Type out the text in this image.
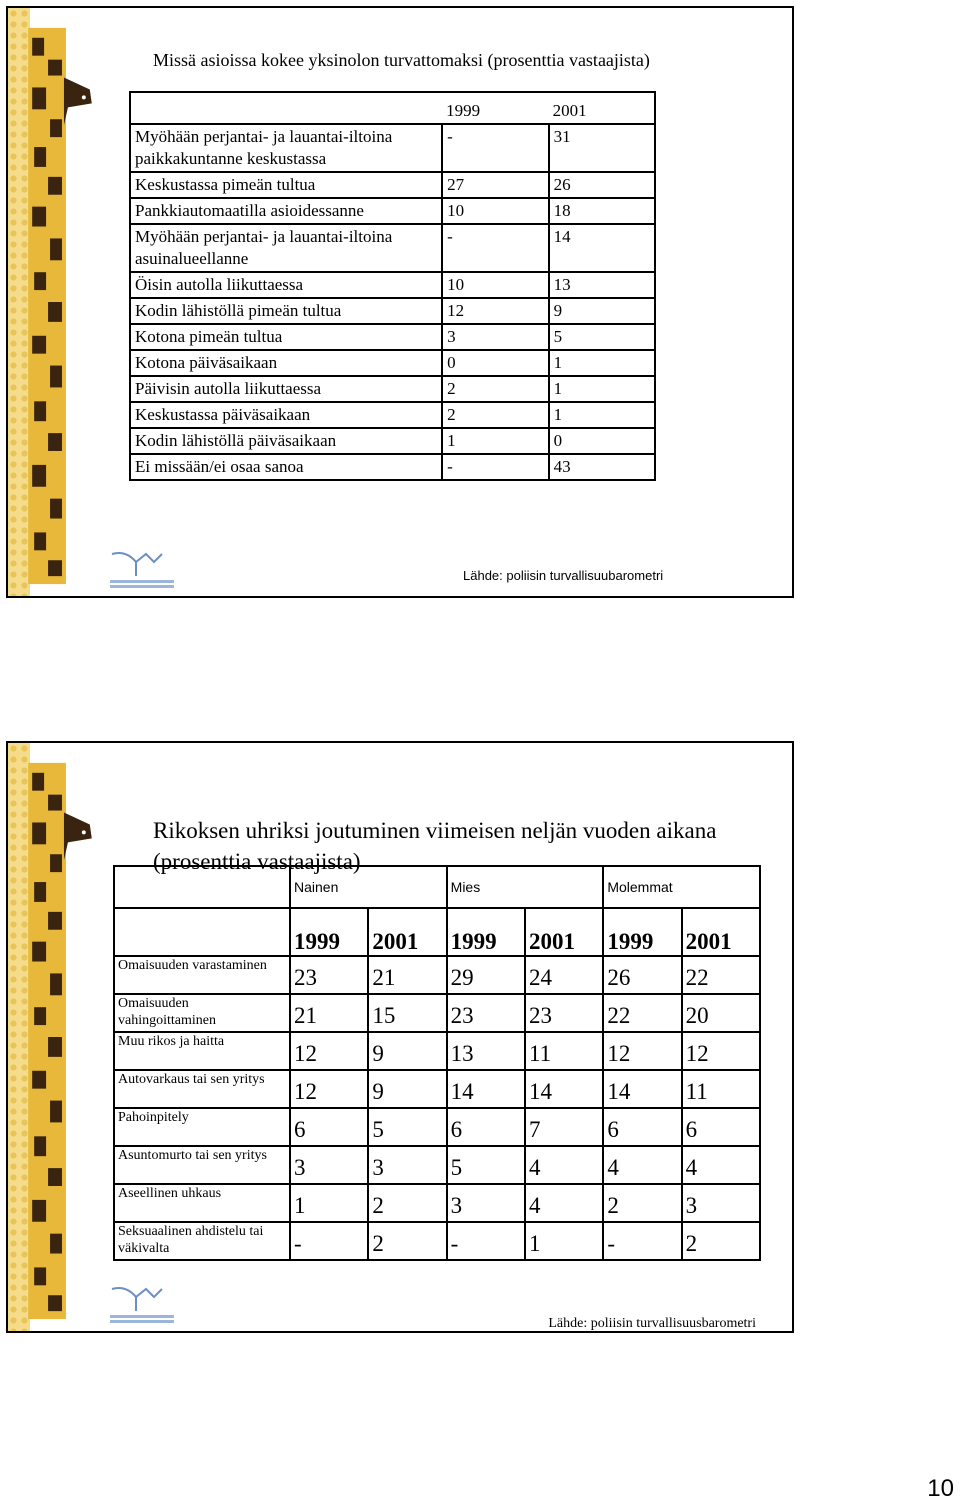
Missä asioissa kokee yksinolon turvattomaksi (prosenttia vastaajista)
	1999	2001
Myöhään perjantai- ja lauantai-iltoina paikkakuntanne keskustassa	-	31
Keskustassa pimeän tultua	27	26
Pankkiautomaatilla asioidessanne	10	18
Myöhään perjantai- ja lauantai-iltoina asuinalueellanne	-	14
Öisin autolla liikuttaessa	10	13
Kodin lähistöllä pimeän tultua	12	9
Kotona pimeän tultua	3	5
Kotona päiväsaikaan	0	1
Päivisin autolla liikuttaessa	2	1
Keskustassa päiväsaikaan	2	1
Kodin lähistöllä päiväsaikaan	1	0
Ei missään/ei osaa sanoa	-	43
Lähde: poliisin turvallisuubarometri
Rikoksen uhriksi joutuminen viimeisen neljän vuoden aikana (prosenttia vastaajista)
	Nainen		Mies		Molemmat	
	1999	2001	1999	2001	1999	2001
Omaisuuden varastaminen	23	21	29	24	26	22
Omaisuuden vahingoittaminen	21	15	23	23	22	20
Muu rikos ja haitta	12	9	13	11	12	12
Autovarkaus tai sen yritys	12	9	14	14	14	11
Pahoinpitely	6	5	6	7	6	6
Asuntomurto tai sen yritys	3	3	5	4	4	4
Aseellinen uhkaus	1	2	3	4	2	3
Seksuaalinen ahdistelu tai väkivalta	-	2	-	1	-	2
Lähde: poliisin turvallisuusbarometri
10
